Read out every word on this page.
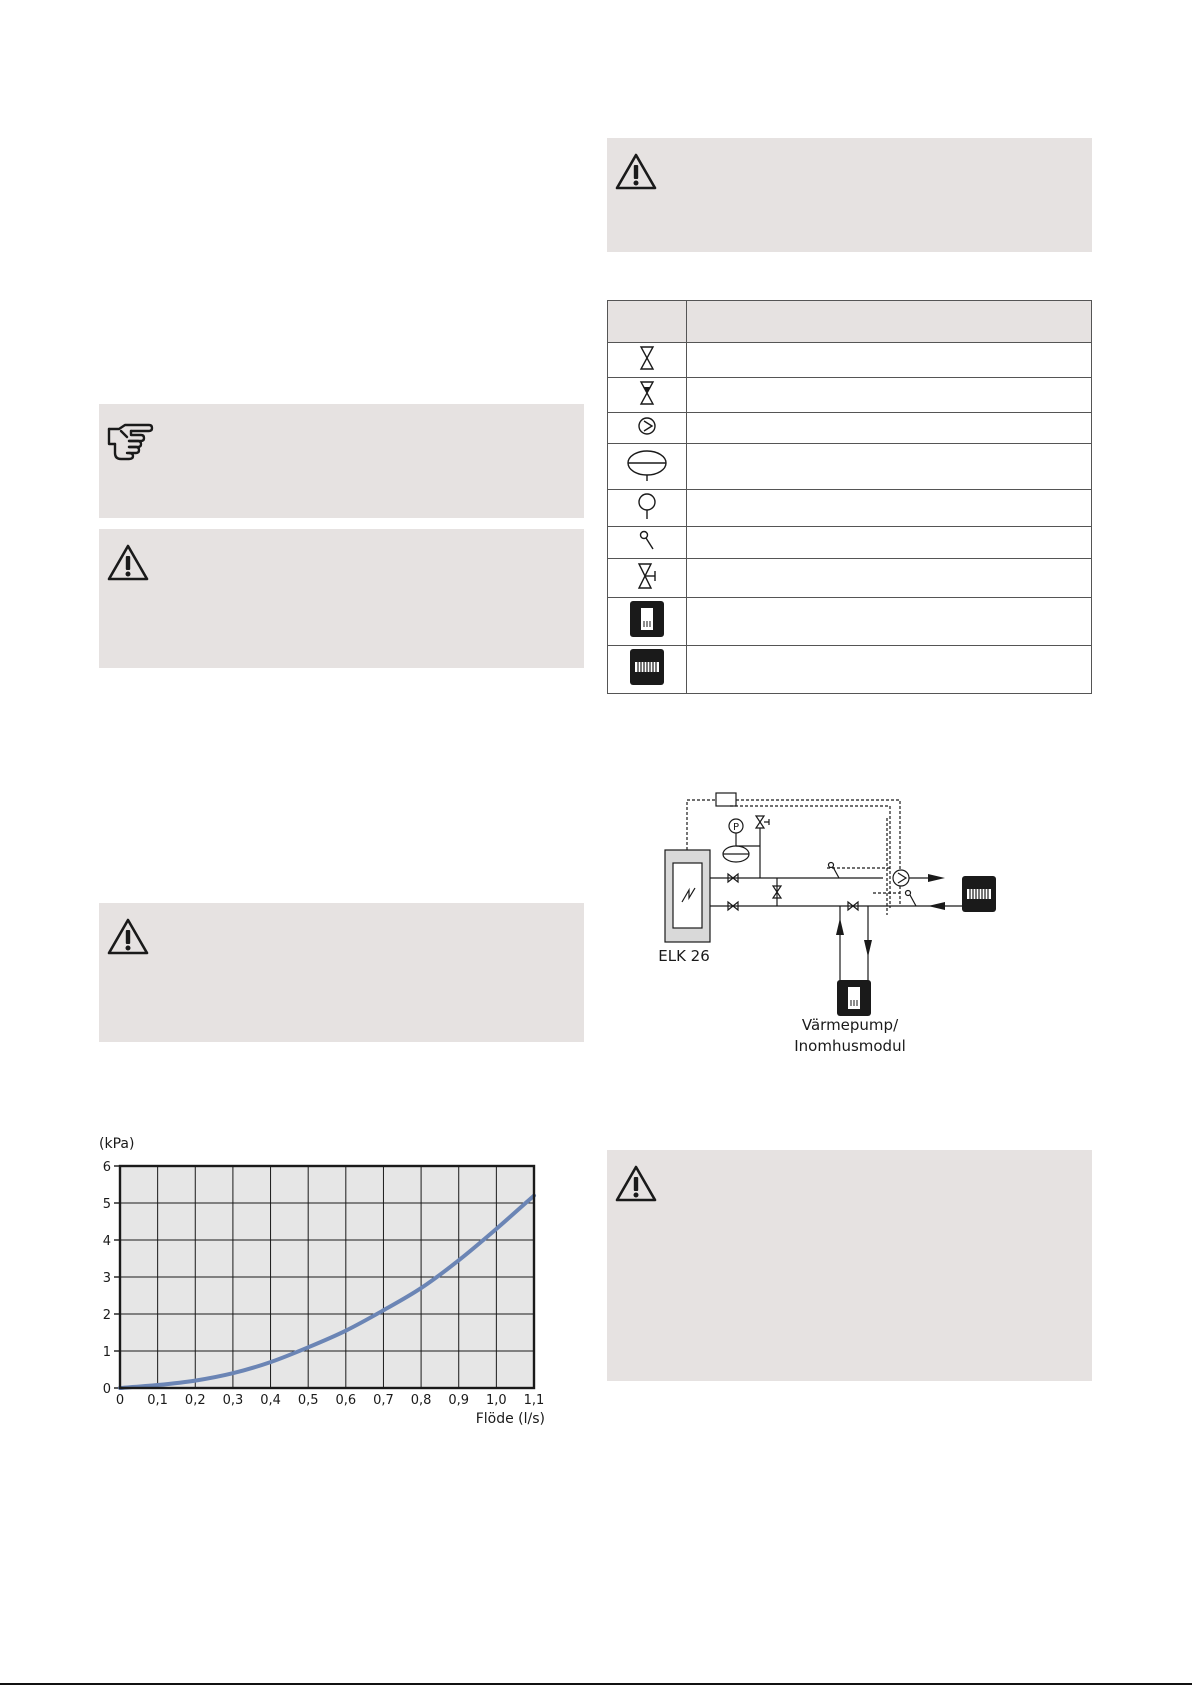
P
ELK 26
Värmepump/
Inomhusmodul
0 0,1 0,2 0,3 0,4 0,5 0,6 0,7 0,8 0,9 1,0 1,1
0
1
2
3
4
5
6
(kPa)
Flöde (l/s)
